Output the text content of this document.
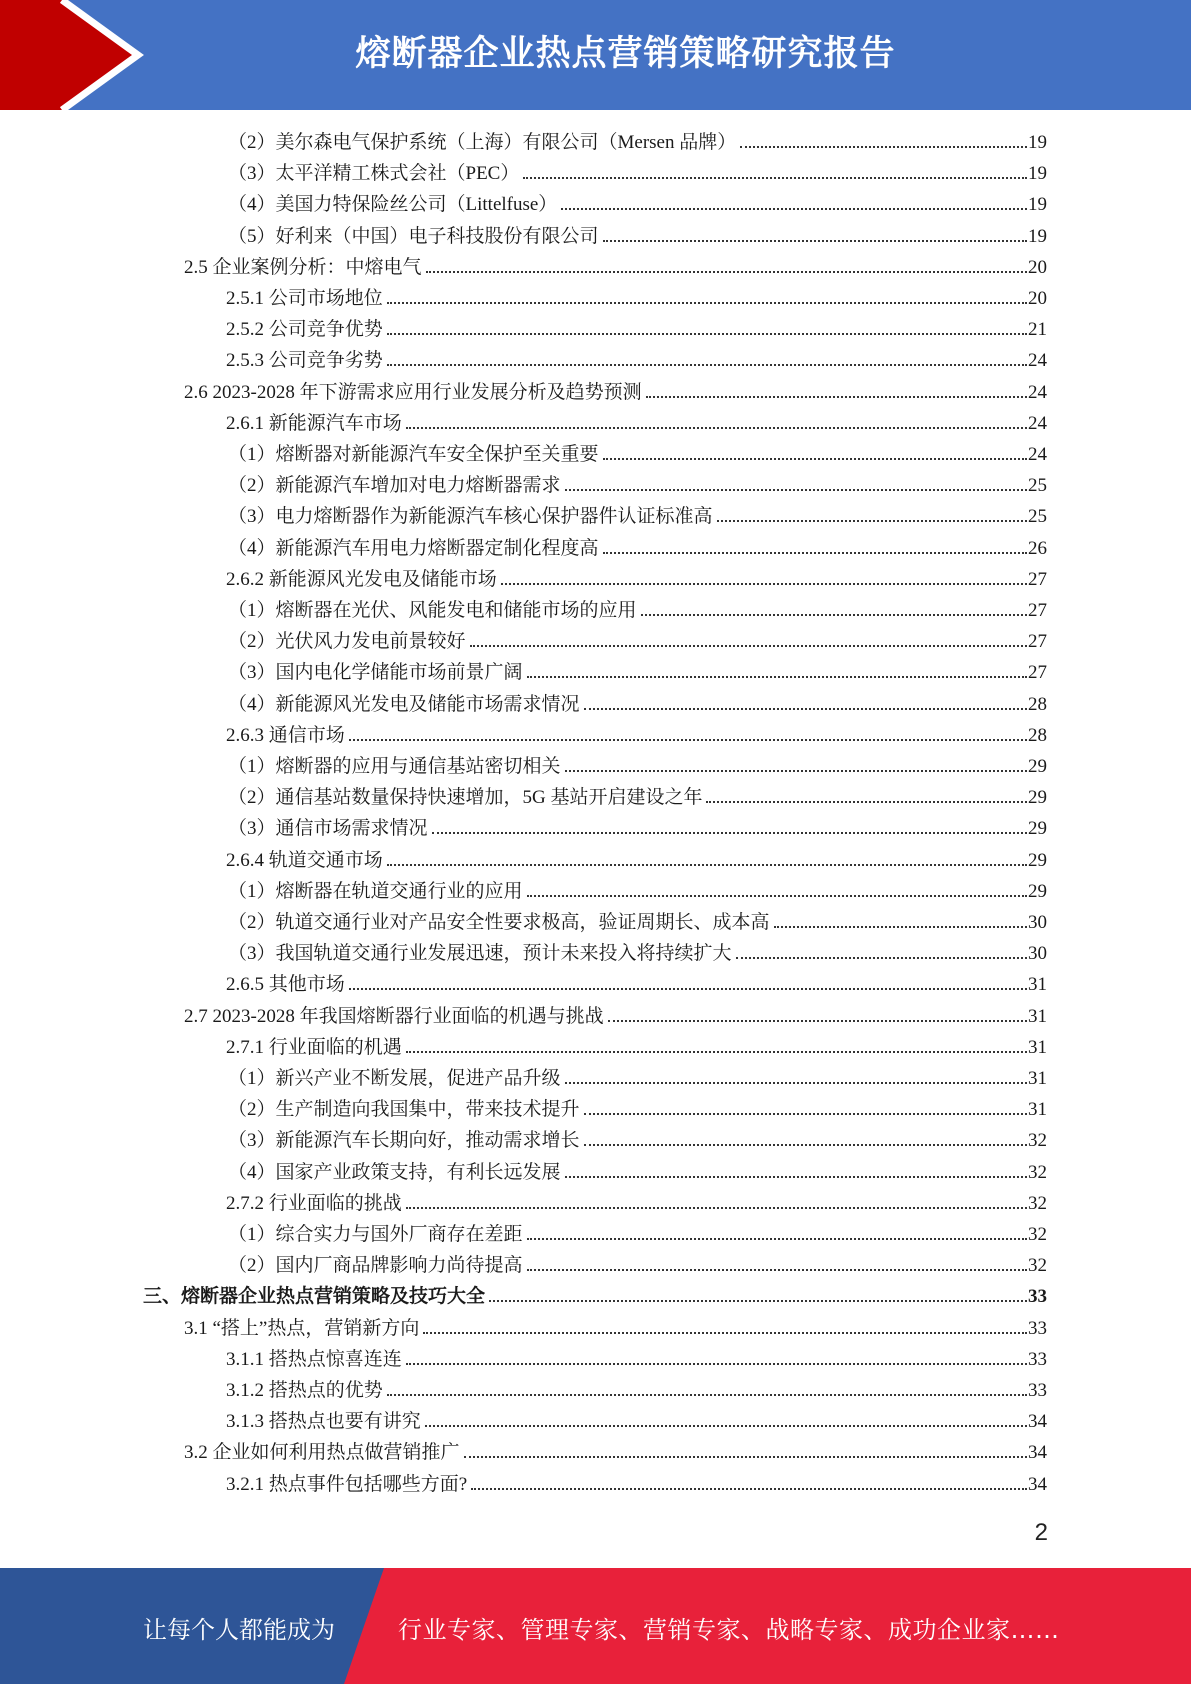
熔断器企业热点营销策略研究报告
（2）美尔森电气保护系统（上海）有限公司（Mersen 品牌）	19
（3）太平洋精工株式会社（PEC）	19
（4）美国力特保险丝公司（Littelfuse）	19
（5）好利来（中国）电子科技股份有限公司	19
2.5 企业案例分析：中熔电气	20
2.5.1 公司市场地位	20
2.5.2 公司竞争优势	21
2.5.3 公司竞争劣势	24
2.6 2023-2028 年下游需求应用行业发展分析及趋势预测	24
2.6.1 新能源汽车市场	24
（1）熔断器对新能源汽车安全保护至关重要	24
（2）新能源汽车增加对电力熔断器需求	25
（3）电力熔断器作为新能源汽车核心保护器件认证标准高	25
（4）新能源汽车用电力熔断器定制化程度高	26
2.6.2 新能源风光发电及储能市场	27
（1）熔断器在光伏、风能发电和储能市场的应用	27
（2）光伏风力发电前景较好	27
（3）国内电化学储能市场前景广阔	27
（4）新能源风光发电及储能市场需求情况	28
2.6.3 通信市场	28
（1）熔断器的应用与通信基站密切相关	29
（2）通信基站数量保持快速增加，5G 基站开启建设之年	29
（3）通信市场需求情况	29
2.6.4 轨道交通市场	29
（1）熔断器在轨道交通行业的应用	29
（2）轨道交通行业对产品安全性要求极高，验证周期长、成本高	30
（3）我国轨道交通行业发展迅速，预计未来投入将持续扩大	30
2.6.5 其他市场	31
2.7 2023-2028 年我国熔断器行业面临的机遇与挑战	31
2.7.1 行业面临的机遇	31
（1）新兴产业不断发展，促进产品升级	31
（2）生产制造向我国集中，带来技术提升	31
（3）新能源汽车长期向好，推动需求增长	32
（4）国家产业政策支持，有利长远发展	32
2.7.2 行业面临的挑战	32
（1）综合实力与国外厂商存在差距	32
（2）国内厂商品牌影响力尚待提高	32
三、熔断器企业热点营销策略及技巧大全	33
3.1 “搭上”热点，营销新方向	33
3.1.1 搭热点惊喜连连	33
3.1.2 搭热点的优势	33
3.1.3 搭热点也要有讲究	34
3.2 企业如何利用热点做营销推广	34
3.2.1 热点事件包括哪些方面?	34
2
让每个人都能成为	行业专家、管理专家、营销专家、战略专家、成功企业家……
